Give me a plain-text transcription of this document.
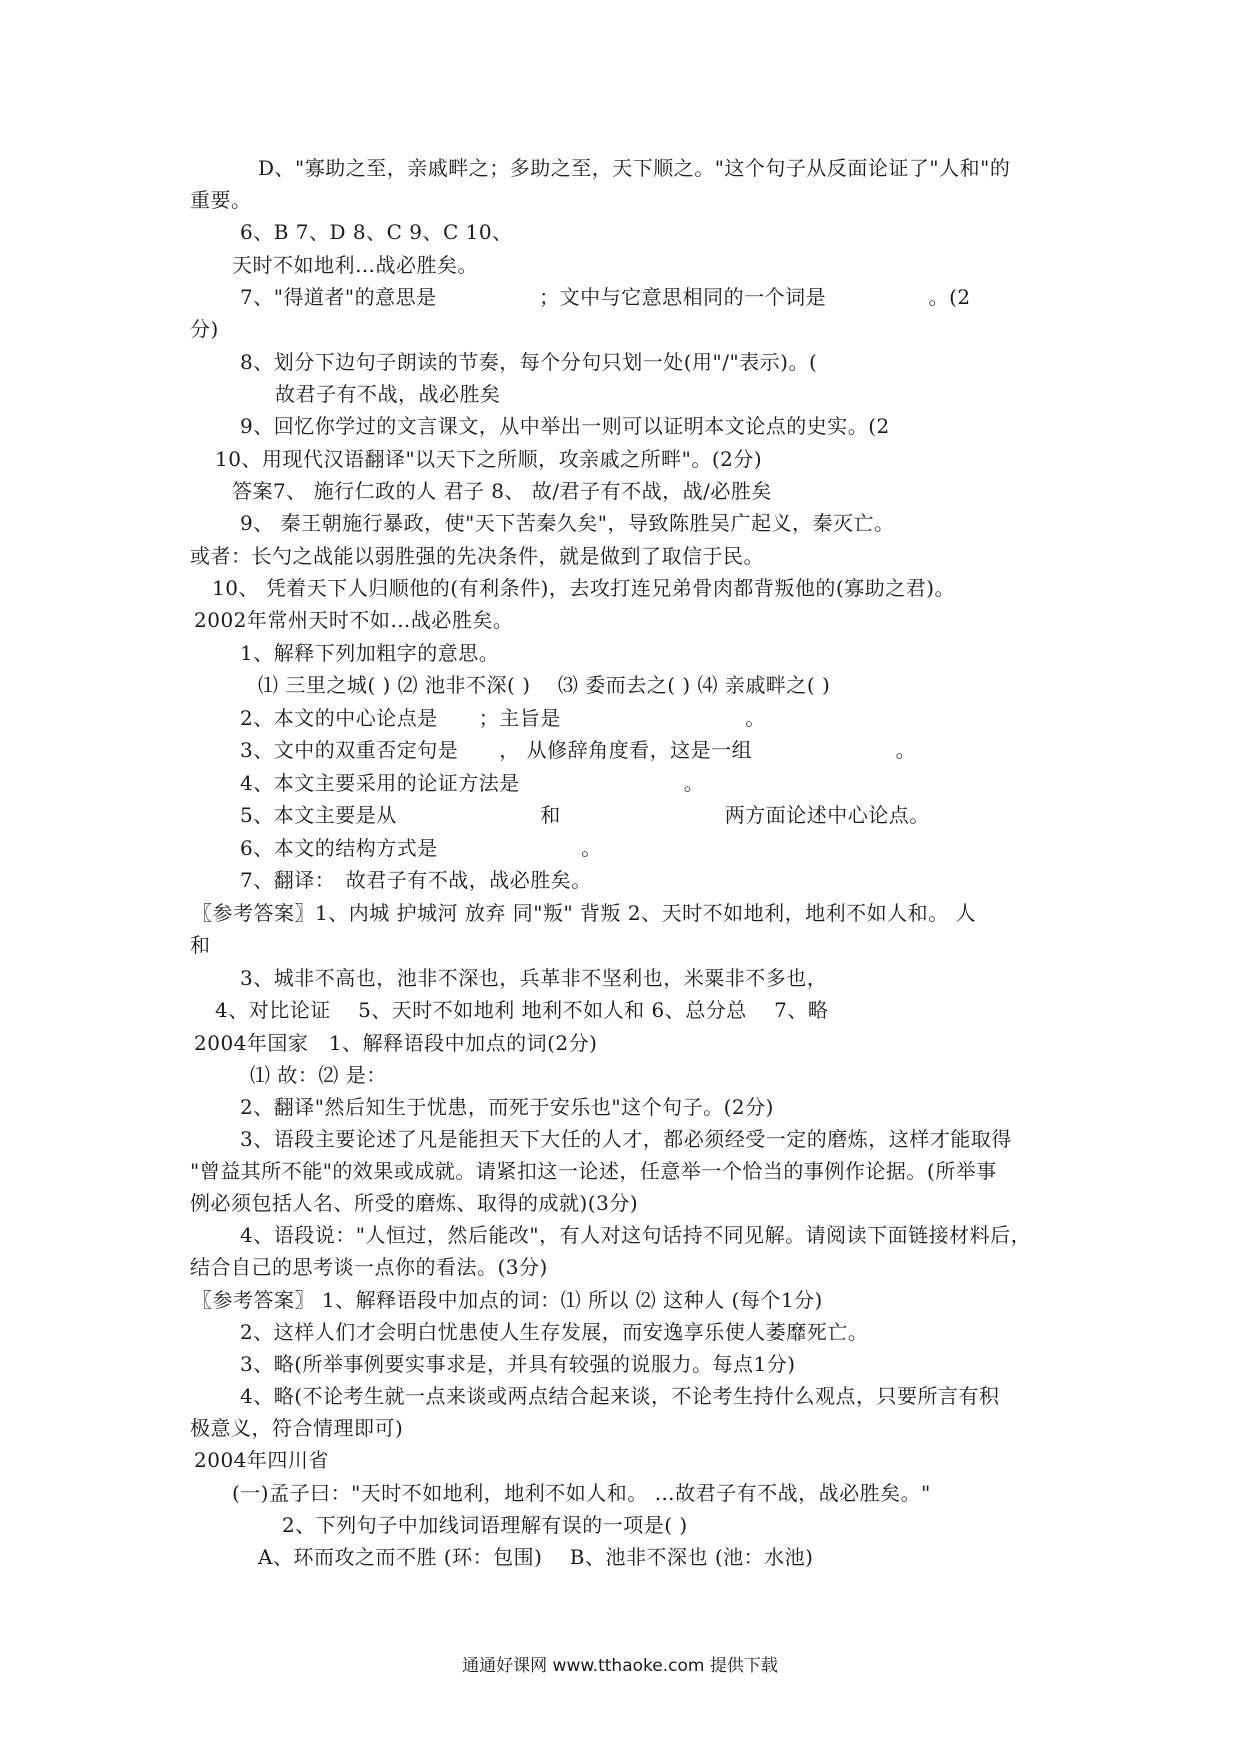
D、"寡助之至，亲戚畔之；多助之至，天下顺之。"这个句子从反面论证了"人和"的
重要。
6、B 7、D 8、C 9、C 10、
天时不如地利…战必胜矣。
7、"得道者"的意思是　　　　　；文中与它意思相同的一个词是　　　　　。(2
分)
8、划分下边句子朗读的节奏，每个分句只划一处(用"/"表示)。(
故君子有不战，战必胜矣
9、回忆你学过的文言课文，从中举出一则可以证明本文论点的史实。(2
10、用现代汉语翻译"以天下之所顺，攻亲戚之所畔"。(2分)
答案7、 施行仁政的人 君子 8、 故/君子有不战，战/必胜矣
9、 秦王朝施行暴政，使"天下苦秦久矣"，导致陈胜吴广起义，秦灭亡。
或者：长勺之战能以弱胜强的先决条件，就是做到了取信于民。
10、 凭着天下人归顺他的(有利条件)，去攻打连兄弟骨肉都背叛他的(寡助之君)。
2002年常州天时不如…战必胜矣。
1、解释下列加粗字的意思。
⑴ 三里之城( ) ⑵ 池非不深( )　 ⑶ 委而去之( ) ⑷ 亲戚畔之( )
2、本文的中心论点是　　；主旨是　　　　　　　　　。
3、文中的双重否定句是　　， 从修辞角度看，这是一组　　　　　　　。
4、本文主要采用的论证方法是　　　　　　　　。
5、本文主要是从　　　　　　　和　　　　　　　　两方面论述中心论点。
6、本文的结构方式是　　　　　　　。
7、翻译：　故君子有不战，战必胜矣。
〖参考答案〗1、内城 护城河 放弃 同"叛" 背叛 2、天时不如地利，地利不如人和。 人
和
3、城非不高也，池非不深也，兵革非不坚利也，米粟非不多也，
4、对比论证　 5、天时不如地利 地利不如人和 6、总分总　 7、略
2004年国家　1、解释语段中加点的词(2分)
⑴ 故：⑵ 是：
2、翻译"然后知生于忧患，而死于安乐也"这个句子。(2分)
3、语段主要论述了凡是能担天下大任的人才，都必须经受一定的磨炼，这样才能取得
"曾益其所不能"的效果或成就。请紧扣这一论述，任意举一个恰当的事例作论据。(所举事
例必须包括人名、所受的磨炼、取得的成就)(3分)
4、语段说："人恒过，然后能改"，有人对这句话持不同见解。请阅读下面链接材料后，
结合自己的思考谈一点你的看法。(3分)
〖参考答案〗 1、解释语段中加点的词：⑴ 所以 ⑵ 这种人 (每个1分)
2、这样人们才会明白忧患使人生存发展，而安逸享乐使人萎靡死亡。
3、略(所举事例要实事求是，并具有较强的说服力。每点1分)
4、略(不论考生就一点来谈或两点结合起来谈，不论考生持什么观点，只要所言有积
极意义，符合情理即可)
2004年四川省
(一)孟子曰："天时不如地利，地利不如人和。 …故君子有不战，战必胜矣。"
2、下列句子中加线词语理解有误的一项是( )
A、环而攻之而不胜 (环：包围)　 B、池非不深也 (池：水池)
通通好课网 www.tthaoke.com 提供下载
